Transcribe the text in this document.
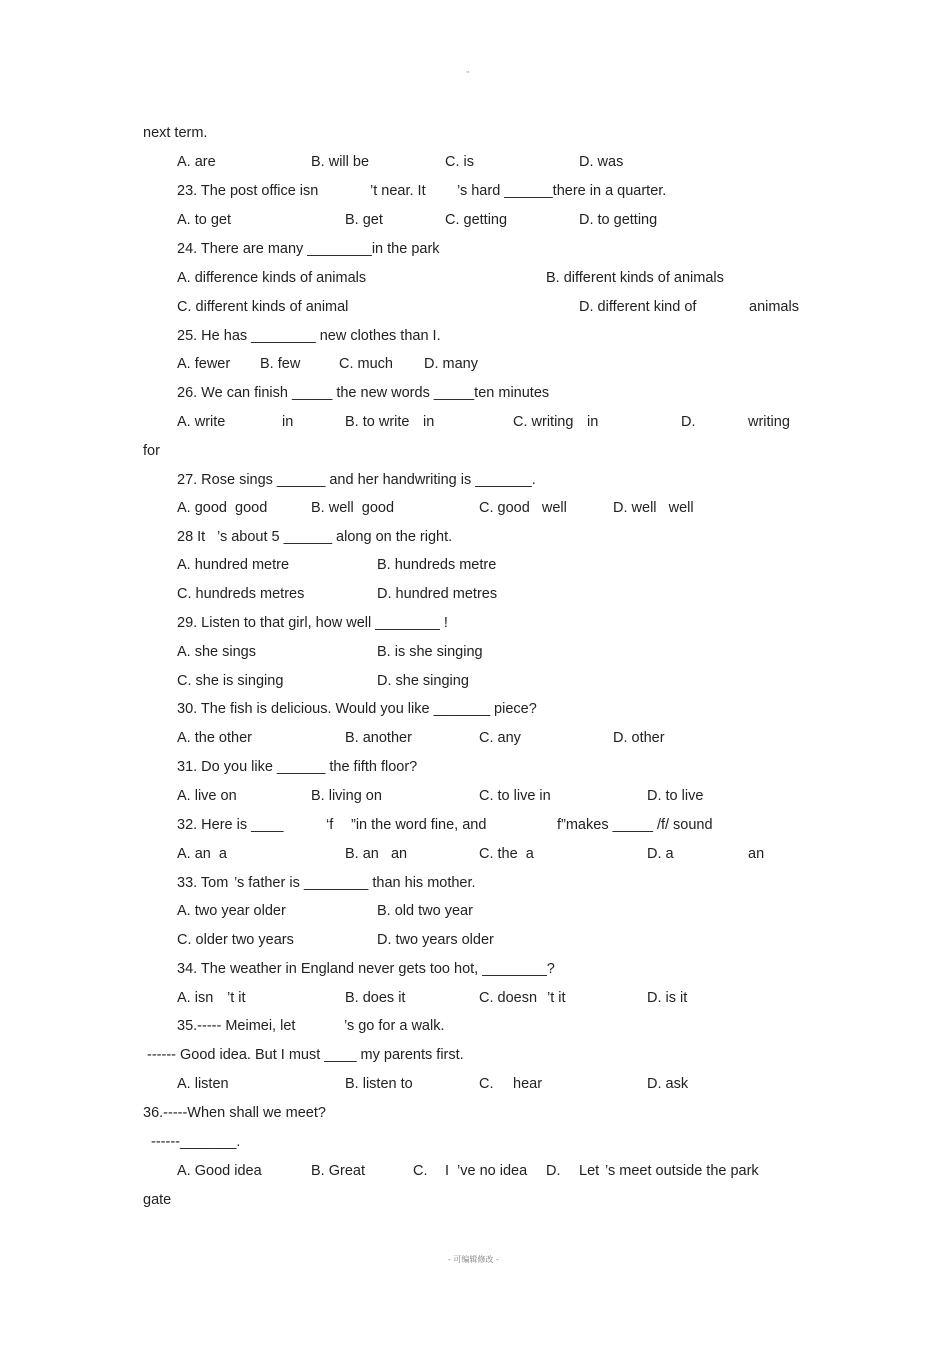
"
next term.
A. are	B. will be	C. is	D. was
23. The post office isn	’t near. It ’s hard ______there in a quarter.
A. to get	B. get	C. getting	D. to getting
24. There are many ________in the park
A. difference kinds of animals	B. different kinds of animals
C. different kinds of animal	D. different kind of	animals
25. He has ________ new clothes than I.
A. fewer B. few	C. much D. many
26. We can finish _____ the new words _____ten minutes
A. write	in	B. to write in	C. writing in	D.	writing
for
27. Rose sings ______ and her handwriting is _______.
A. good  good	B. well  good	C. good   well	D. well   well
28 It ’s about 5 ______ along on the right.
A. hundred metre	B. hundreds metre
C. hundreds metres	D. hundred metres
29. Listen to that girl, how well ________ !
A. she sings	B. is she singing
C. she is singing	D. she singing
30. The fish is delicious. Would you like _______ piece?
A. the other	B. another	C. any	D. other
31. Do you like ______ the fifth floor?
A. live on	B. living on	C. to live in	D. to live
32. Here is ____	‘f ”in the word fine, and	f”makes _____ /f/ sound
A. an  a	B. an   an	C. the  a	D. a	an
33. Tom ’s father is ________ than his mother.
A. two year older	B. old two year
C. older two years	D. two years older
34. The weather in England never gets too hot, ________?
A. isn ’t it	B. does it	C. doesn ’t it	D. is it
35.----- Meimei, let	’s go for a walk.
------ Good idea. But I must ____ my parents first.
A. listen	B. listen to	C. hear	D. ask
36.-----When shall we meet?
------_______.
A. Good idea	B. Great	C. I ’ve no idea D. Let ’s meet outside the park
gate
- 可编辑修改 -
